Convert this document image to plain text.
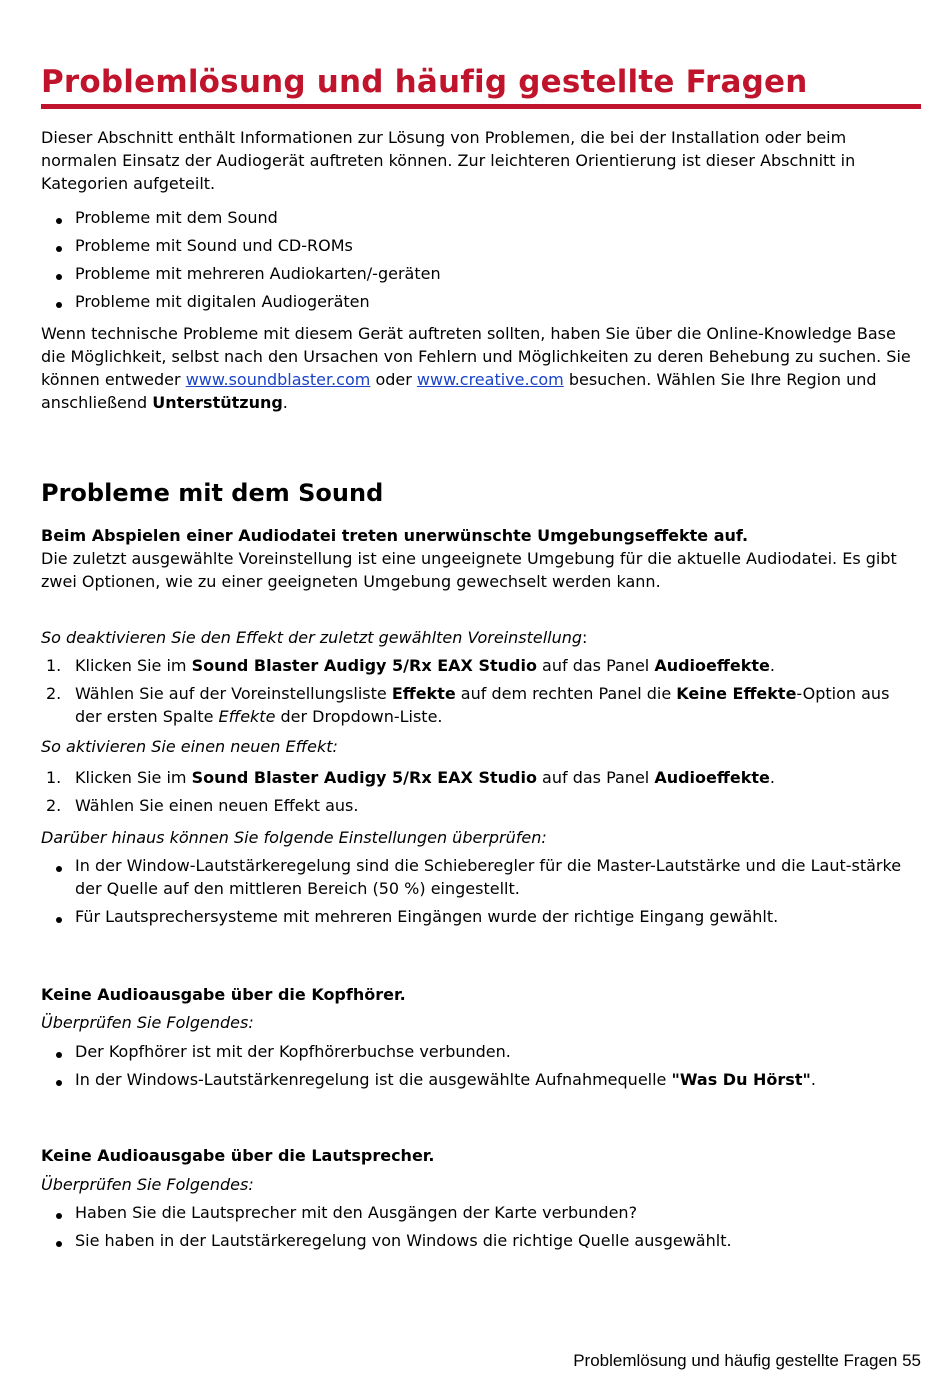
Problemlösung und häufig gestellte Fragen

Dieser Abschnitt enthält Informationen zur Lösung von Problemen, die bei der Installation oder beim normalen Einsatz der Audiogerät auftreten können. Zur leichteren Orientierung ist dieser Abschnitt in Kategorien aufgeteilt.

Probleme mit dem Sound
Probleme mit Sound und CD-ROMs
Probleme mit mehreren Audiokarten/-geräten
Probleme mit digitalen Audiogeräten

Wenn technische Probleme mit diesem Gerät auftreten sollten, haben Sie über die Online-Knowledge Base die Möglichkeit, selbst nach den Ursachen von Fehlern und Möglichkeiten zu deren Behebung zu suchen. Sie können entweder www.soundblaster.com oder www.creative.com besuchen. Wählen Sie Ihre Region und anschließend Unterstützung.

Probleme mit dem Sound

Beim Abspielen einer Audiodatei treten unerwünschte Umgebungseffekte auf.

Die zuletzt ausgewählte Voreinstellung ist eine ungeeignete Umgebung für die aktuelle Audiodatei. Es gibt zwei Optionen, wie zu einer geeigneten Umgebung gewechselt werden kann.

So deaktivieren Sie den Effekt der zuletzt gewählten Voreinstellung:

1. Klicken Sie im Sound Blaster Audigy 5/Rx EAX Studio auf das Panel Audioeffekte.
2. Wählen Sie auf der Voreinstellungsliste Effekte auf dem rechten Panel die Keine Effekte-Option aus der ersten Spalte Effekte der Dropdown-Liste.

So aktivieren Sie einen neuen Effekt:

1. Klicken Sie im Sound Blaster Audigy 5/Rx EAX Studio auf das Panel Audioeffekte.
2. Wählen Sie einen neuen Effekt aus.

Darüber hinaus können Sie folgende Einstellungen überprüfen:

In der Window-Lautstärkeregelung sind die Schieberegler für die Master-Lautstärke und die Laut-stärke der Quelle auf den mittleren Bereich (50 %) eingestellt.
Für Lautsprechersysteme mit mehreren Eingängen wurde der richtige Eingang gewählt.

Keine Audioausgabe über die Kopfhörer.

Überprüfen Sie Folgendes:

Der Kopfhörer ist mit der Kopfhörerbuchse verbunden.
In der Windows-Lautstärkenregelung ist die ausgewählte Aufnahmequelle "Was Du Hörst".

Keine Audioausgabe über die Lautsprecher.

Überprüfen Sie Folgendes:

Haben Sie die Lautsprecher mit den Ausgängen der Karte verbunden?
Sie haben in der Lautstärkeregelung von Windows die richtige Quelle ausgewählt.
Problemlösung und häufig gestellte Fragen 55
